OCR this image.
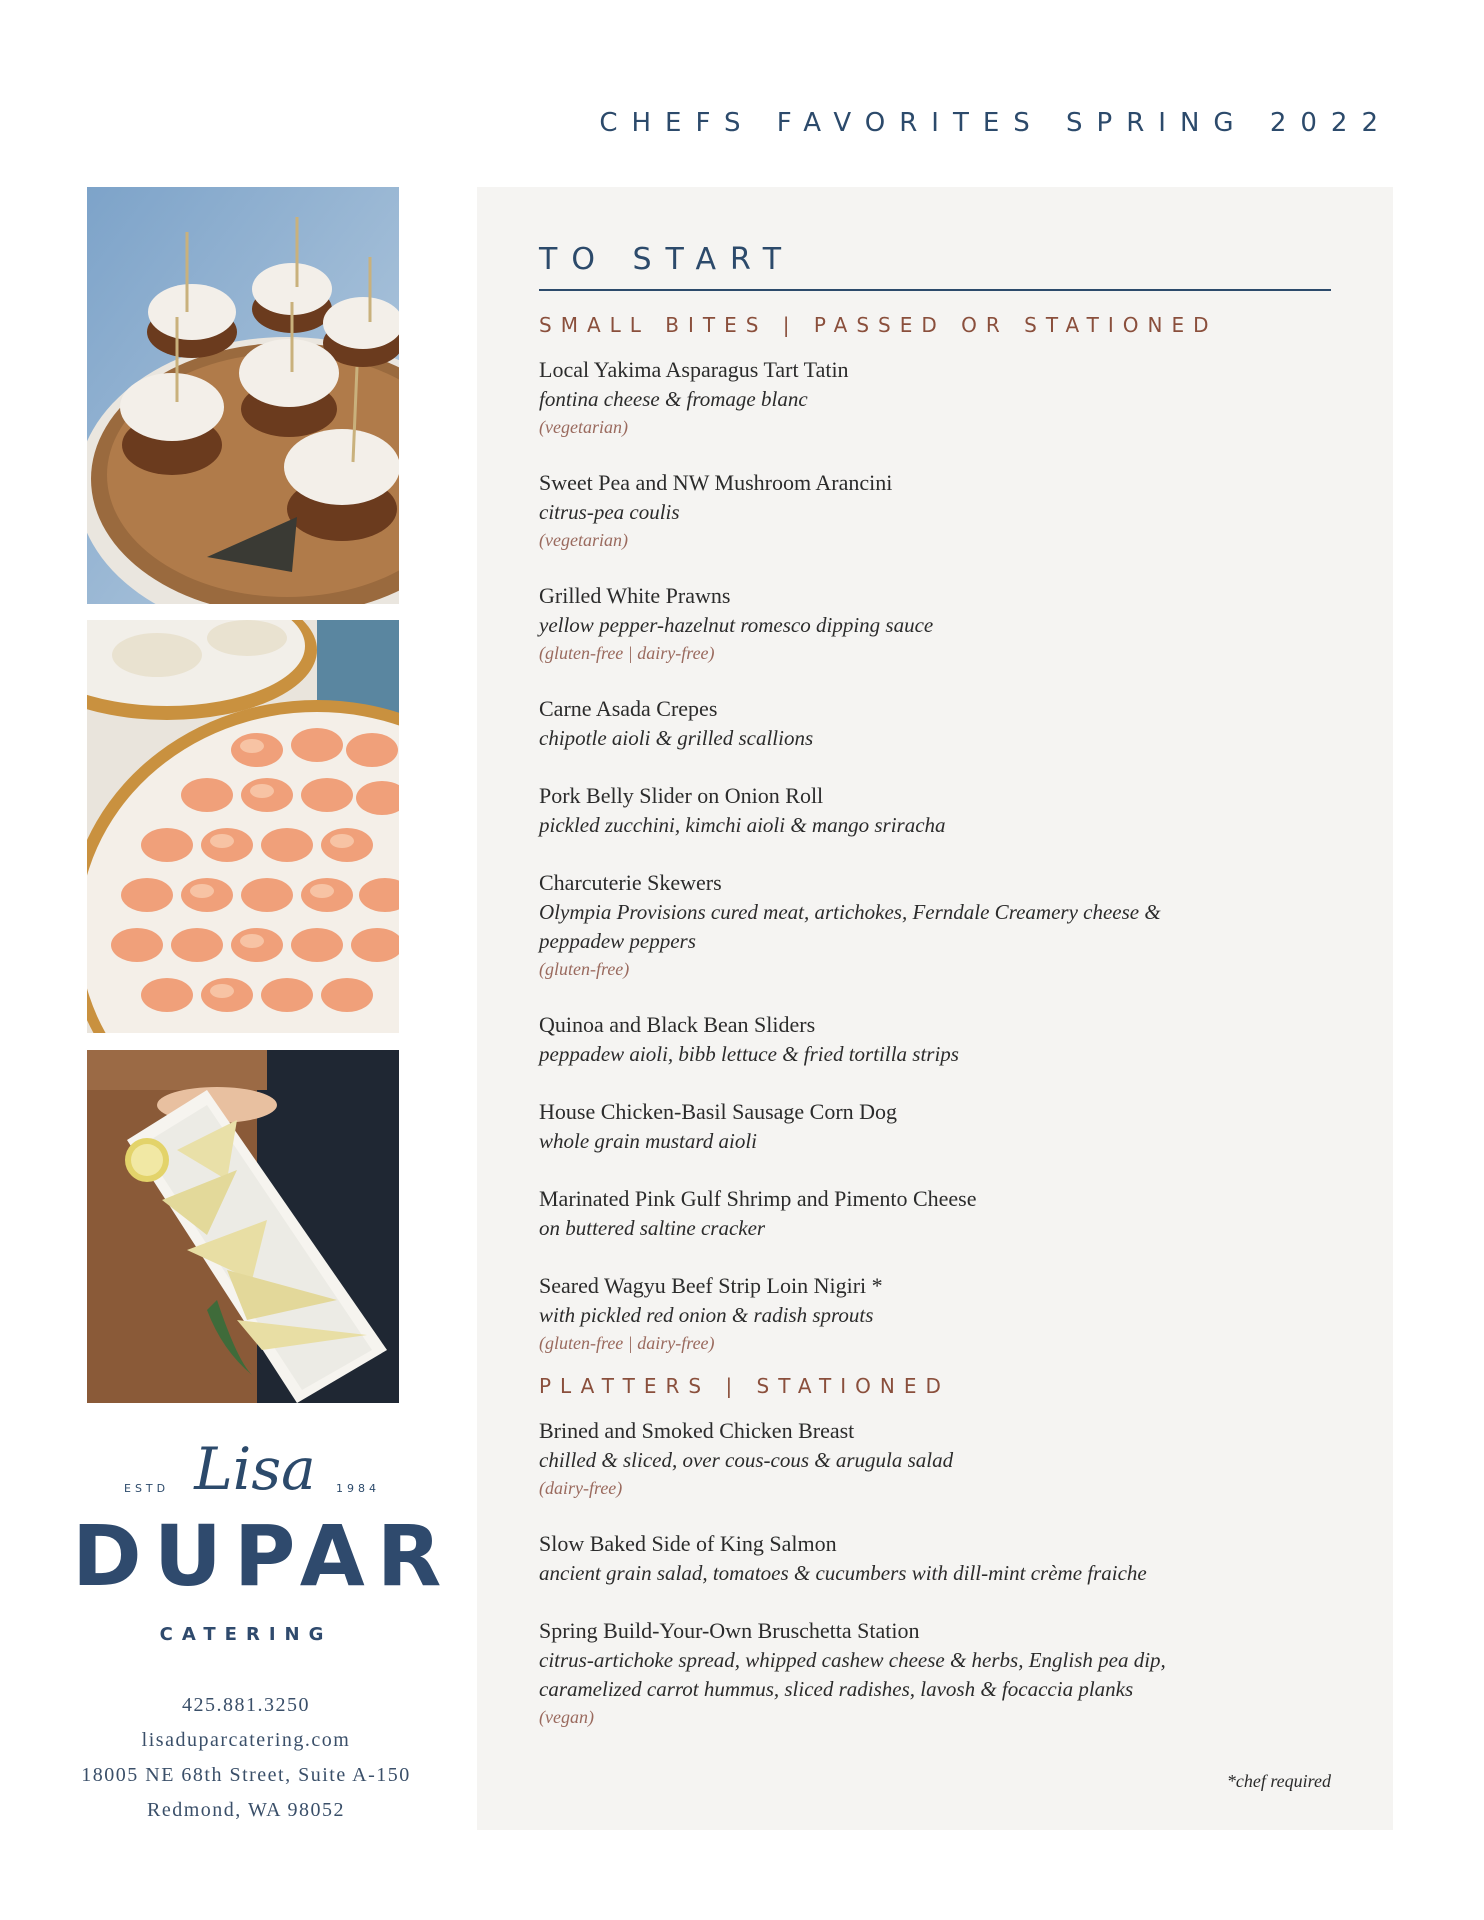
CHEFS FAVORITES SPRING 2022
ESTD Lisa	1984
DUPAR
CATERING
425.881.3250
lisaduparcatering.com
18005 NE 68th Street, Suite A-150
Redmond, WA 98052
TO START
SMALL BITES | PASSED OR STATIONED
Local Yakima Asparagus Tart Tatin
fontina cheese & fromage blanc
(vegetarian)
Sweet Pea and NW Mushroom Arancini
citrus-pea coulis
(vegetarian)
Grilled White Prawns
yellow pepper-hazelnut romesco dipping sauce
(gluten-free | dairy-free)
Carne Asada Crepes
chipotle aioli & grilled scallions
Pork Belly Slider on Onion Roll
pickled zucchini, kimchi aioli & mango sriracha
Charcuterie Skewers
Olympia Provisions cured meat, artichokes, Ferndale Creamery cheese & peppadew peppers
(gluten-free)
Quinoa and Black Bean Sliders
peppadew aioli, bibb lettuce & fried tortilla strips
House Chicken-Basil Sausage Corn Dog
whole grain mustard aioli
Marinated Pink Gulf Shrimp and Pimento Cheese
on buttered saltine cracker
Seared Wagyu Beef Strip Loin Nigiri *
with pickled red onion & radish sprouts
(gluten-free | dairy-free)
PLATTERS | STATIONED
Brined and Smoked Chicken Breast
chilled & sliced, over cous-cous & arugula salad
(dairy-free)
Slow Baked Side of King Salmon
ancient grain salad, tomatoes & cucumbers with dill-mint crème fraiche
Spring Build-Your-Own Bruschetta Station
citrus-artichoke spread, whipped cashew cheese & herbs, English pea dip, caramelized carrot hummus, sliced radishes, lavosh & focaccia planks
(vegan)
*chef required
